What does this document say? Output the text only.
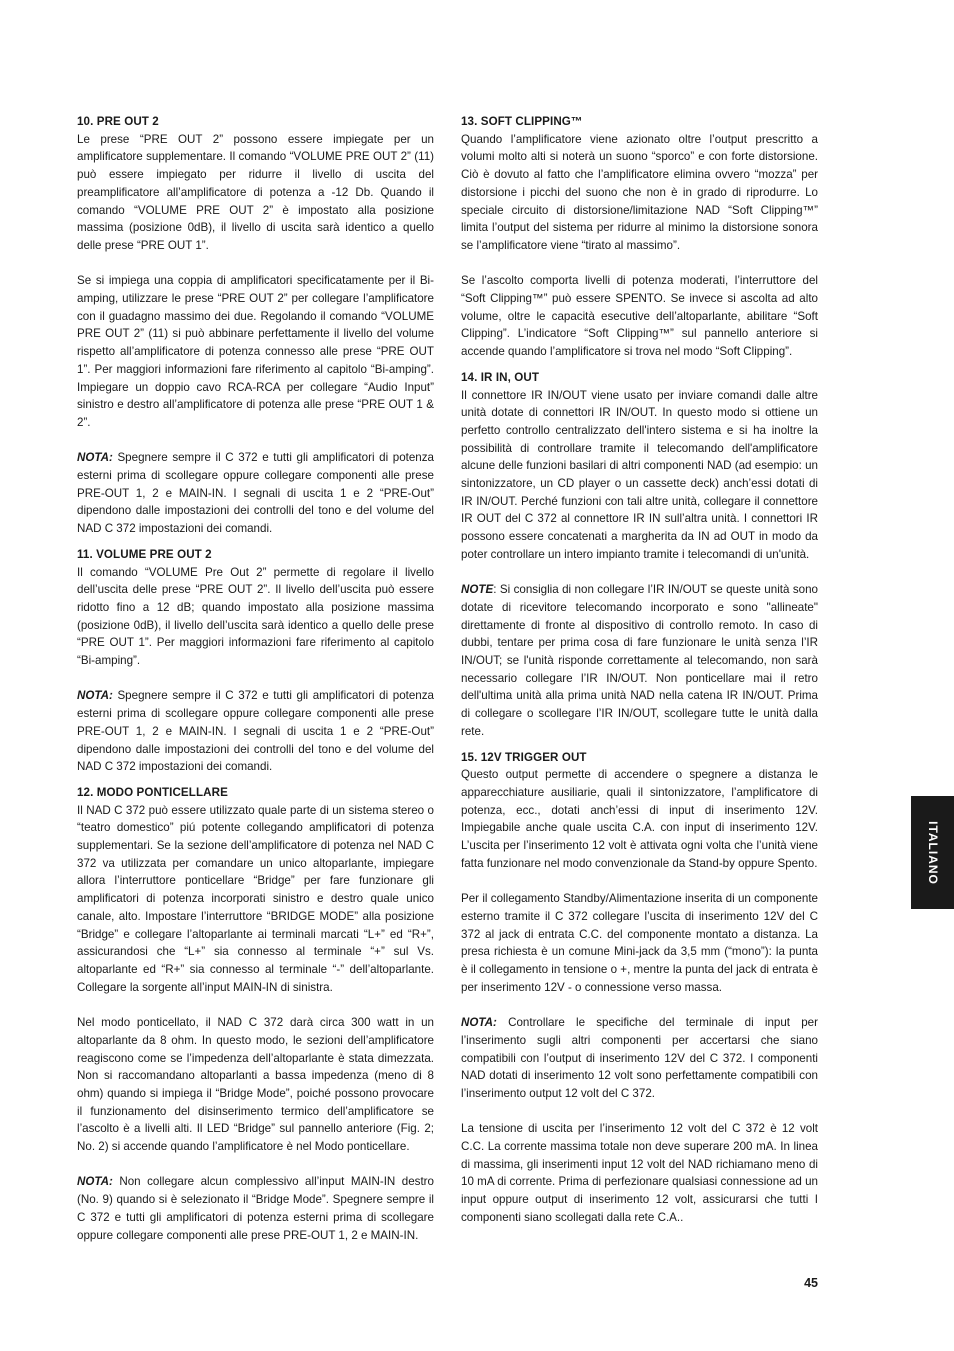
10. PRE OUT 2

Le prese “PRE OUT 2” possono essere impiegate per un amplificatore supplementare. Il comando “VOLUME PRE OUT 2” (11) può essere impiegato per ridurre il livello di uscita del preamplificatore all’amplificatore di potenza a -12 Db. Quando il comando “VOLUME PRE OUT 2” è impostato alla posizione massima (posizione 0dB), il livello di uscita sarà identico a quello delle prese “PRE OUT 1”.

Se si impiega una coppia di amplificatori specificatamente per il Bi-amping, utilizzare le prese “PRE OUT 2” per collegare l’amplificatore con il guadagno massimo dei due. Regolando il comando “VOLUME PRE OUT 2” (11) si può abbinare perfettamente il livello del volume rispetto all’amplificatore di potenza connesso alle prese “PRE OUT 1”. Per maggiori informazioni fare riferimento al capitolo “Bi-amping”. Impiegare un doppio cavo RCA-RCA per collegare “Audio Input” sinistro e destro all’amplificatore di potenza alle prese “PRE OUT 1 & 2”.

NOTA: Spegnere sempre il C 372 e tutti gli amplificatori di potenza esterni prima di scollegare oppure collegare componenti alle prese PRE-OUT 1, 2 e MAIN-IN. I segnali di uscita 1 e 2 “PRE-Out” dipendono dalle impostazioni dei controlli del tono e del volume del NAD C 372 impostazioni dei comandi.

11. VOLUME PRE OUT 2

Il comando “VOLUME Pre Out 2” permette di regolare il livello dell’uscita delle prese “PRE OUT 2”. Il livello dell’uscita può essere ridotto fino a 12 dB; quando impostato alla posizione massima (posizione 0dB), il livello dell’uscita sarà identico a quello delle prese “PRE OUT 1”. Per maggiori informazioni fare riferimento al capitolo “Bi-amping”.

NOTA: Spegnere sempre il C 372 e tutti gli amplificatori di potenza esterni prima di scollegare oppure collegare componenti alle prese PRE-OUT 1, 2 e MAIN-IN. I segnali di uscita 1 e 2 “PRE-Out” dipendono dalle impostazioni dei controlli del tono e del volume del NAD C 372 impostazioni dei comandi.

12. MODO PONTICELLARE

Il NAD C 372 può essere utilizzato quale parte di un sistema stereo o “teatro domestico” piú potente collegando amplificatori di potenza supplementari. Se la sezione dell’amplificatore di potenza nel NAD C 372 va utilizzata per comandare un unico altoparlante, impiegare allora l’interruttore ponticellare “Bridge” per fare funzionare gli amplificatori di potenza incorporati sinistro e destro quale unico canale, alto. Impostare l’interruttore “BRIDGE MODE” alla posizione “Bridge” e collegare l’altoparlante ai terminali marcati “L+” ed “R+”, assicurandosi che “L+” sia connesso al terminale “+” sul Vs. altoparlante ed “R+” sia connesso al terminale “-” dell’altoparlante. Collegare la sorgente all’input MAIN-IN di sinistra.

Nel modo ponticellato, il NAD C 372 darà circa 300 watt in un altoparlante da 8 ohm. In questo modo, le sezioni dell’amplificatore reagiscono come se l’impedenza dell’altoparlante è stata dimezzata. Non si raccomandano altoparlanti a bassa impedenza (meno di 8 ohm) quando si impiega il “Bridge Mode”, poiché possono provocare il funzionamento del disinserimento termico dell’amplificatore se l’ascolto è a livelli alti. Il LED “Bridge” sul pannello anteriore (Fig. 2; No. 2) si accende quando l’amplificatore è nel Modo ponticellare.

NOTA: Non collegare alcun complessivo all’input MAIN-IN destro (No. 9) quando si è selezionato il “Bridge Mode”. Spegnere sempre il C 372 e tutti gli amplificatori di potenza esterni prima di scollegare oppure collegare componenti alle prese PRE-OUT 1, 2 e MAIN-IN.

13. SOFT CLIPPING™

Quando l’amplificatore viene azionato oltre l’output prescritto a volumi molto alti si noterà un suono “sporco” e con forte distorsione. Ciò è dovuto al fatto che l’amplificatore elimina ovvero “mozza” per distorsione i picchi del suono che non è in grado di riprodurre. Lo speciale circuito di distorsione/limitazione NAD “Soft Clipping™” limita l’output del sistema per ridurre al minimo la distorsione sonora se l’amplificatore viene “tirato al massimo”.

Se l’ascolto comporta livelli di potenza moderati, l’interruttore del “Soft Clipping™” può essere SPENTO. Se invece si ascolta ad alto volume, oltre le capacità esecutive dell’altoparlante, abilitare “Soft Clipping”. L’indicatore “Soft Clipping™” sul pannello anteriore si accende quando l’amplificatore si trova nel modo “Soft Clipping”.

14. IR IN, OUT

Il connettore IR IN/OUT viene usato per inviare comandi dalle altre unità dotate di connettori IR IN/OUT. In questo modo si ottiene un perfetto controllo centralizzato dell'intero sistema e si ha inoltre la possibilità di controllare tramite il telecomando dell'amplificatore alcune delle funzioni basilari di altri componenti NAD (ad esempio: un sintonizzatore, un CD player o un cassette deck) anch’essi dotati di IR IN/OUT. Perché funzioni con tali altre unità, collegare il connettore IR OUT del C 372 al connettore IR IN sull’altra unità. I connettori IR possono essere concatenati a margherita da IN ad OUT in modo da poter controllare un intero impianto tramite i telecomandi di un'unità.

NOTE: Si consiglia di non collegare l’IR IN/OUT se queste unità sono dotate di ricevitore telecomando incorporato e sono "allineate" direttamente di fronte al dispositivo di controllo remoto. In caso di dubbi, tentare per prima cosa di fare funzionare le unità senza l’IR IN/OUT; se l'unità risponde correttamente al telecomando, non sarà necessario collegare l’IR IN/OUT. Non ponticellare mai il retro dell'ultima unità alla prima unità NAD nella catena IR IN/OUT. Prima di collegare o scollegare l’IR IN/OUT, scollegare tutte le unità dalla rete.

15. 12V TRIGGER OUT

Questo output permette di accendere o spegnere a distanza le apparecchiature ausiliarie, quali il sintonizzatore, l’amplificatore di potenza, ecc., dotati anch’essi di input di inserimento 12V. Impiegabile anche quale uscita C.A. con input di inserimento 12V. L’uscita per l’inserimento 12 volt è attivata ogni volta che l’unità viene fatta funzionare nel modo convenzionale da Stand-by oppure Spento.

Per il collegamento Standby/Alimentazione inserita di un componente esterno tramite il C 372 collegare l’uscita di inserimento 12V del C 372 al jack di entrata C.C. del componente montato a distanza. La presa richiesta è un comune Mini-jack da 3,5 mm (“mono”): la punta è il collegamento in tensione o +, mentre la punta del jack di entrata è per inserimento 12V - o connessione verso massa.

NOTA: Controllare le specifiche del terminale di input per l’inserimento sugli altri componenti per accertarsi che siano compatibili con l’output di inserimento 12V del C 372. I componenti NAD dotati di inserimento 12 volt sono perfettamente compatibili con l’inserimento output 12 volt del C 372.

La tensione di uscita per l’inserimento 12 volt del C 372 è 12 volt C.C. La corrente massima totale non deve superare 200 mA. In linea di massima, gli inserimenti input 12 volt del NAD richiamano meno di 10 mA di corrente. Prima di perfezionare qualsiasi connessione ad un input oppure output di inserimento 12 volt, assicurarsi che tutti I componenti siano scollegati dalla rete C.A..

ITALIANO
45
